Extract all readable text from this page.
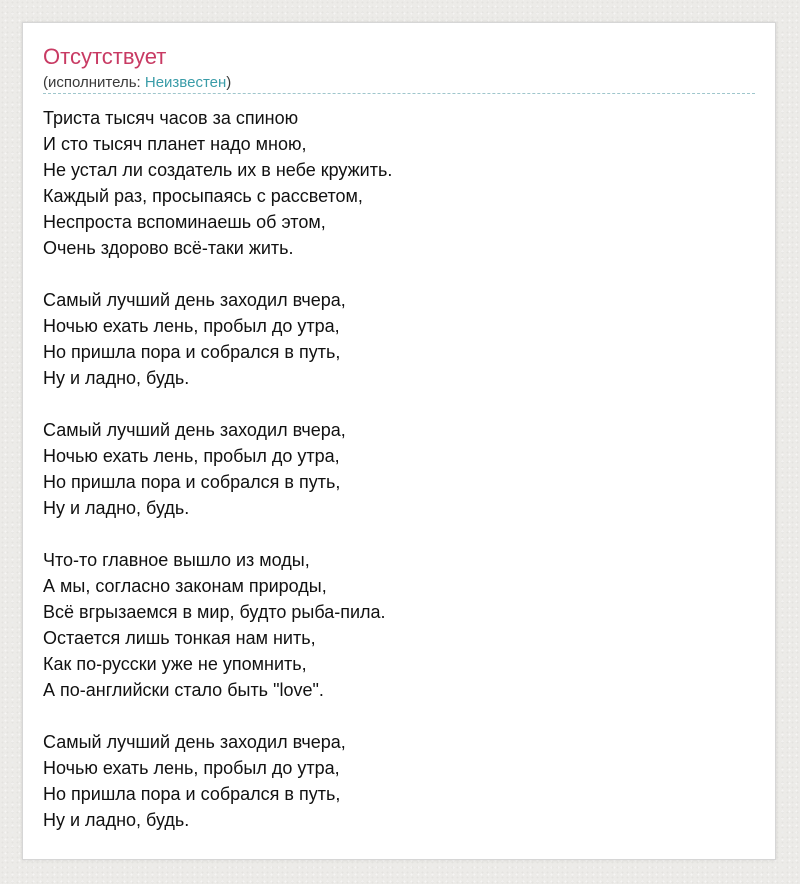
Отсутствует
(исполнитель: Неизвестен)
Триста тысяч часов за спиною
И сто тысяч планет надо мною,
Не устал ли создатель их в небе кружить.
Каждый раз, просыпаясь с рассветом,
Неспроста вспоминаешь об этом,
Очень здорово всё-таки жить.
Самый лучший день заходил вчера,
Ночью ехать лень, пробыл до утра,
Но пришла пора и собрался в путь,
Ну и ладно, будь.
Самый лучший день заходил вчера,
Ночью ехать лень, пробыл до утра,
Но пришла пора и собрался в путь,
Ну и ладно, будь.
Что-то главное вышло из моды,
А мы, согласно законам природы,
Всё вгрызаемся в мир, будто рыба-пила.
Остается лишь тонкая нам нить,
Как по-русски уже не упомнить,
А по-английски стало быть "love".
Самый лучший день заходил вчера,
Ночью ехать лень, пробыл до утра,
Но пришла пора и собрался в путь,
Ну и ладно, будь.
